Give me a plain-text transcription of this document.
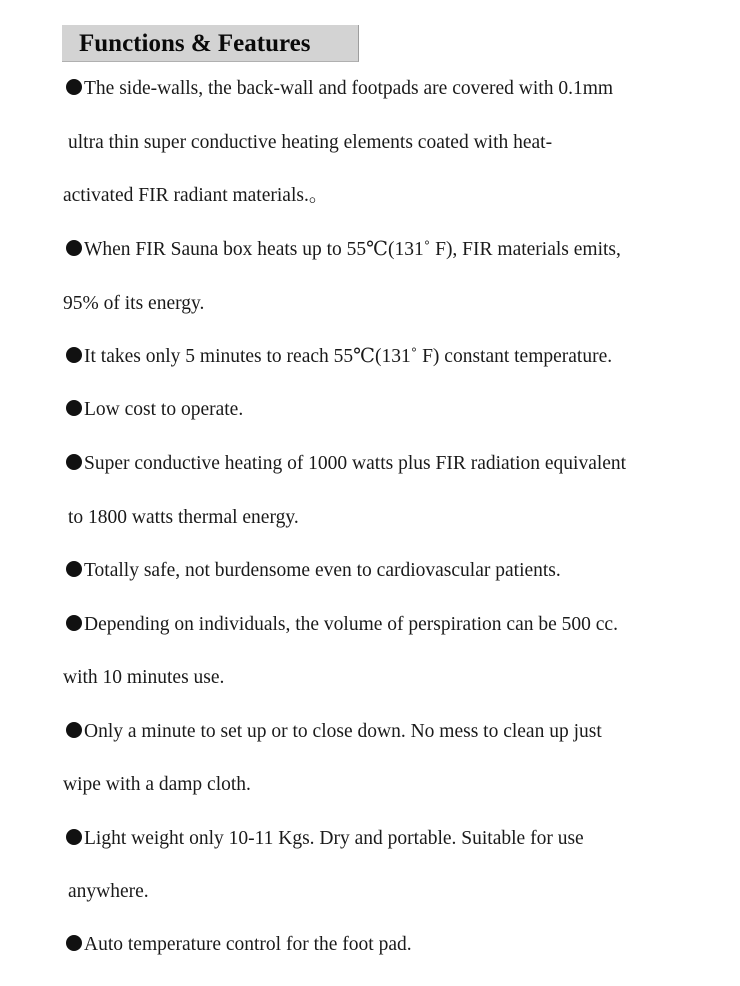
Functions & Features
The side-walls, the back-wall and footpads are covered with 0.1mm
ultra thin super conductive heating elements coated with heat-
activated FIR radiant materials.。
When FIR Sauna box heats up to 55℃(131˚ F), FIR materials emits,
95% of its energy.
It takes only 5 minutes to reach 55℃(131˚ F) constant temperature.
Low cost to operate.
Super conductive heating of 1000 watts plus FIR radiation equivalent
to 1800 watts thermal energy.
Totally safe, not burdensome even to cardiovascular patients.
Depending on individuals, the volume of perspiration can be 500 cc.
with 10 minutes use.
Only a minute to set up or to close down. No mess to clean up just
wipe with a damp cloth.
Light weight only 10-11 Kgs. Dry and portable. Suitable for use
anywhere.
Auto temperature control for the foot pad.
